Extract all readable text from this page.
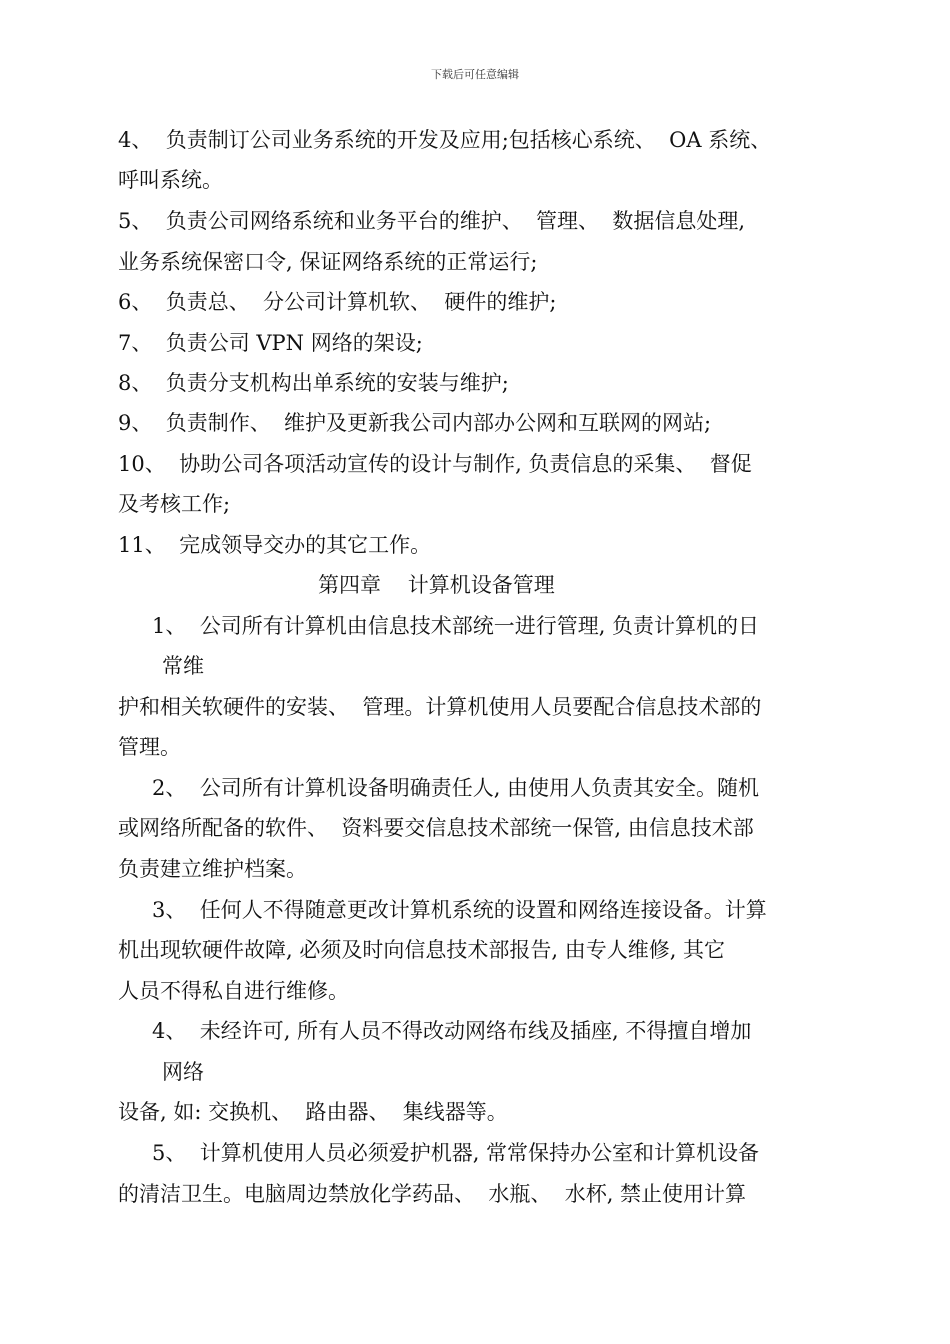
下载后可任意编辑
4、  负责制订公司业务系统的开发及应用;包括核心系统、  OA 系统、
呼叫系统。
5、  负责公司网络系统和业务平台的维护、  管理、  数据信息处理,
业务系统保密口令, 保证网络系统的正常运行;
6、  负责总、  分公司计算机软、  硬件的维护;
7、  负责公司 VPN 网络的架设;
8、  负责分支机构出单系统的安装与维护;
9、  负责制作、  维护及更新我公司内部办公网和互联网的网站;
10、  协助公司各项活动宣传的设计与制作, 负责信息的采集、  督促
及考核工作;
11、  完成领导交办的其它工作。
第四章    计算机设备管理
1、  公司所有计算机由信息技术部统一进行管理, 负责计算机的日
常维
护和相关软硬件的安装、  管理。计算机使用人员要配合信息技术部的
管理。
2、  公司所有计算机设备明确责任人, 由使用人负责其安全。随机
或网络所配备的软件、  资料要交信息技术部统一保管, 由信息技术部
负责建立维护档案。
3、  任何人不得随意更改计算机系统的设置和网络连接设备。计算
机出现软硬件故障, 必须及时向信息技术部报告, 由专人维修, 其它
人员不得私自进行维修。
4、  未经许可, 所有人员不得改动网络布线及插座, 不得擅自增加
网络
设备, 如: 交换机、  路由器、  集线器等。
5、  计算机使用人员必须爱护机器, 常常保持办公室和计算机设备
的清洁卫生。电脑周边禁放化学药品、  水瓶、  水杯, 禁止使用计算
